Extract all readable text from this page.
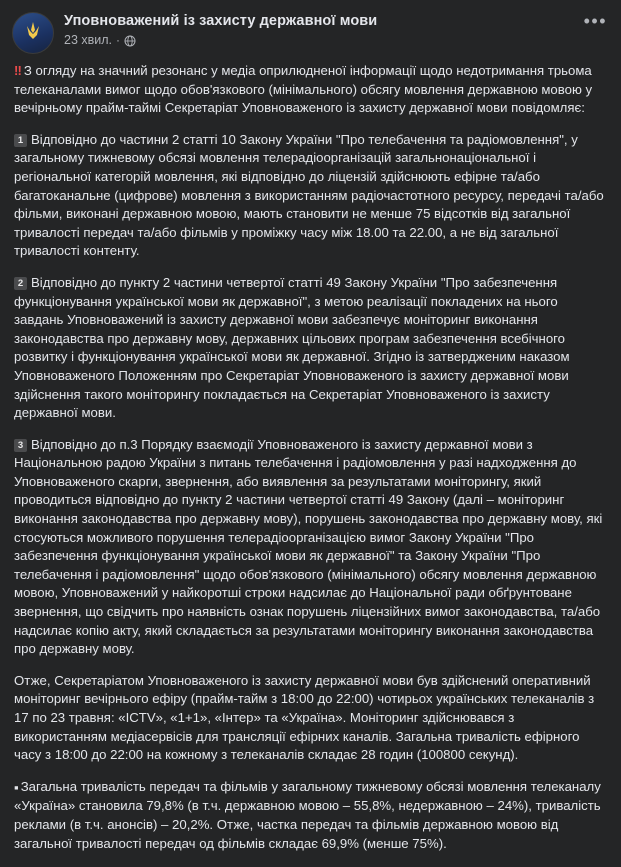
Уповноважений із захисту державної мови
23 хвил. ·
•••

‼ З огляду на значний резонанс у медіа оприлюдненої інформації щодо недотримання трьома телеканалами вимог щодо обов'язкового (мінімального) обсягу мовлення державною мовою у вечірньому прайм-таймі Секретаріат Уповноваженого із захисту державної мови повідомляє:

1 Відповідно до частини 2 статті 10 Закону України "Про телебачення та радіомовлення", у загальному тижневому обсязі мовлення телерадіоорганізацій загальнонаціональної і регіональної категорій мовлення, які відповідно до ліцензій здійснюють ефірне та/або багатоканальне (цифрове) мовлення з використанням радіочастотного ресурсу, передачі та/або фільми, виконані державною мовою, мають становити не менше 75 відсотків від загальної тривалості передач та/або фільмів у проміжку часу між 18.00 та 22.00, а не від загальної тривалості контенту.

2 Відповідно до пункту 2 частини четвертої статті 49 Закону України "Про забезпечення функціонування української мови як державної", з метою реалізації покладених на нього завдань Уповноважений із захисту державної мови забезпечує моніторинг виконання законодавства про державну мову, державних цільових програм забезпечення всебічного розвитку і функціонування української мови як державної. Згідно із затвердженим наказом Уповноваженого Положенням про Секретаріат Уповноваженого із захисту державної мови здійснення такого моніторингу покладається на Секретаріат Уповноваженого із захисту державної мови.

3 Відповідно до п.3 Порядку взаємодії Уповноваженого із захисту державної мови з Національною радою України з питань телебачення і радіомовлення у разі надходження до Уповноваженого скарги, звернення, або виявлення за результатами моніторингу, який проводиться відповідно до пункту 2 частини четвертої статті 49 Закону (далі – моніторинг виконання законодавства про державну мову), порушень законодавства про державну мову, які стосуються можливого порушення телерадіоорганізацією вимог Закону України "Про забезпечення функціонування української мови як державної" та Закону України "Про телебачення і радіомовлення" щодо обов'язкового (мінімального) обсягу мовлення державною мовою, Уповноважений у найкоротші строки надсилає до Національної ради обґрунтоване звернення, що свідчить про наявність ознак порушень ліцензійних вимог законодавства, та/або надсилає копію акту, який складається за результатами моніторингу виконання законодавства про державну мову.

Отже, Секретаріатом Уповноваженого із захисту державної мови був здійснений оперативний моніторинг вечірнього ефіру (прайм-тайм з 18:00 до 22:00) чотирьох українських телеканалів з 17 по 23 травня: «ICTV», «1+1», «Інтер» та «Україна». Моніторинг здійснювався з використанням медіасервісів для трансляції ефірних каналів. Загальна тривалість ефірного часу з 18:00 до 22:00 на кожному з телеканалів складає 28 годин (100800 секунд).

▪ Загальна тривалість передач та фільмів у загальному тижневому обсязі мовлення телеканалу «Україна» становила 79,8% (в т.ч. державною мовою – 55,8%, недержавною – 24%), тривалість реклами (в т.ч. анонсів) – 20,2%. Отже, частка передач та фільмів державною мовою від загальної тривалості передач од фільмів складає 69,9% (менше 75%).
